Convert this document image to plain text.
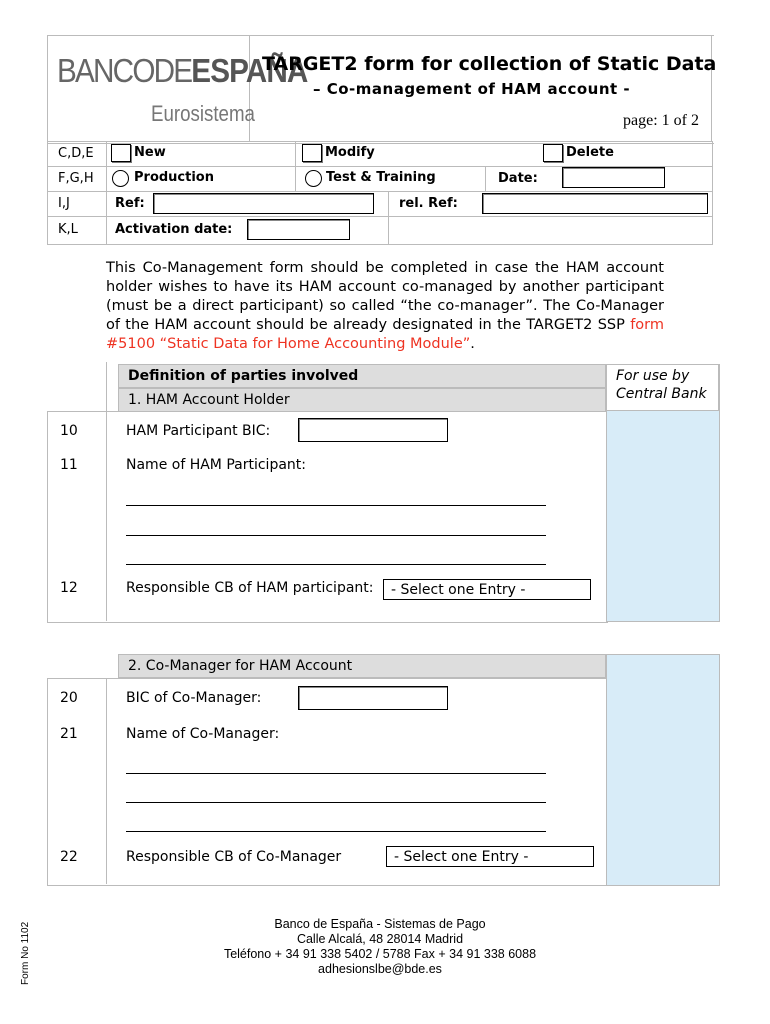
BANCODEESPAÑA
Eurosistema
TARGET2 form for collection of Static Data
– Co-management of HAM account -
page: 1 of 2
C,D,E	New	Modify	Delete
F,G,H	Production	Test & Training	Date:
I,J	Ref:	rel. Ref:
K,L	Activation date:
This Co-Management form should be completed in case the HAM account holder wishes to have its HAM account co-managed by another participant (must be a direct participant) so called “the co-manager”. The Co-Manager of the HAM account should be already designated in the TARGET2 SSP form #5100 “Static Data for Home Accounting Module”.
Definition of parties involved
1. HAM Account Holder
For use by Central Bank
10	HAM Participant BIC:
11	Name of HAM Participant:
12	Responsible CB of HAM participant:	- Select one Entry -
2. Co-Manager for HAM Account
20	BIC of Co-Manager:
21	Name of Co-Manager:
22	Responsible CB of Co-Manager	- Select one Entry -
Banco de España - Sistemas de Pago
Calle Alcalá, 48 28014 Madrid
Teléfono + 34 91 338 5402 / 5788 Fax + 34 91 338 6088
adhesionslbe@bde.es
Form No 1102
